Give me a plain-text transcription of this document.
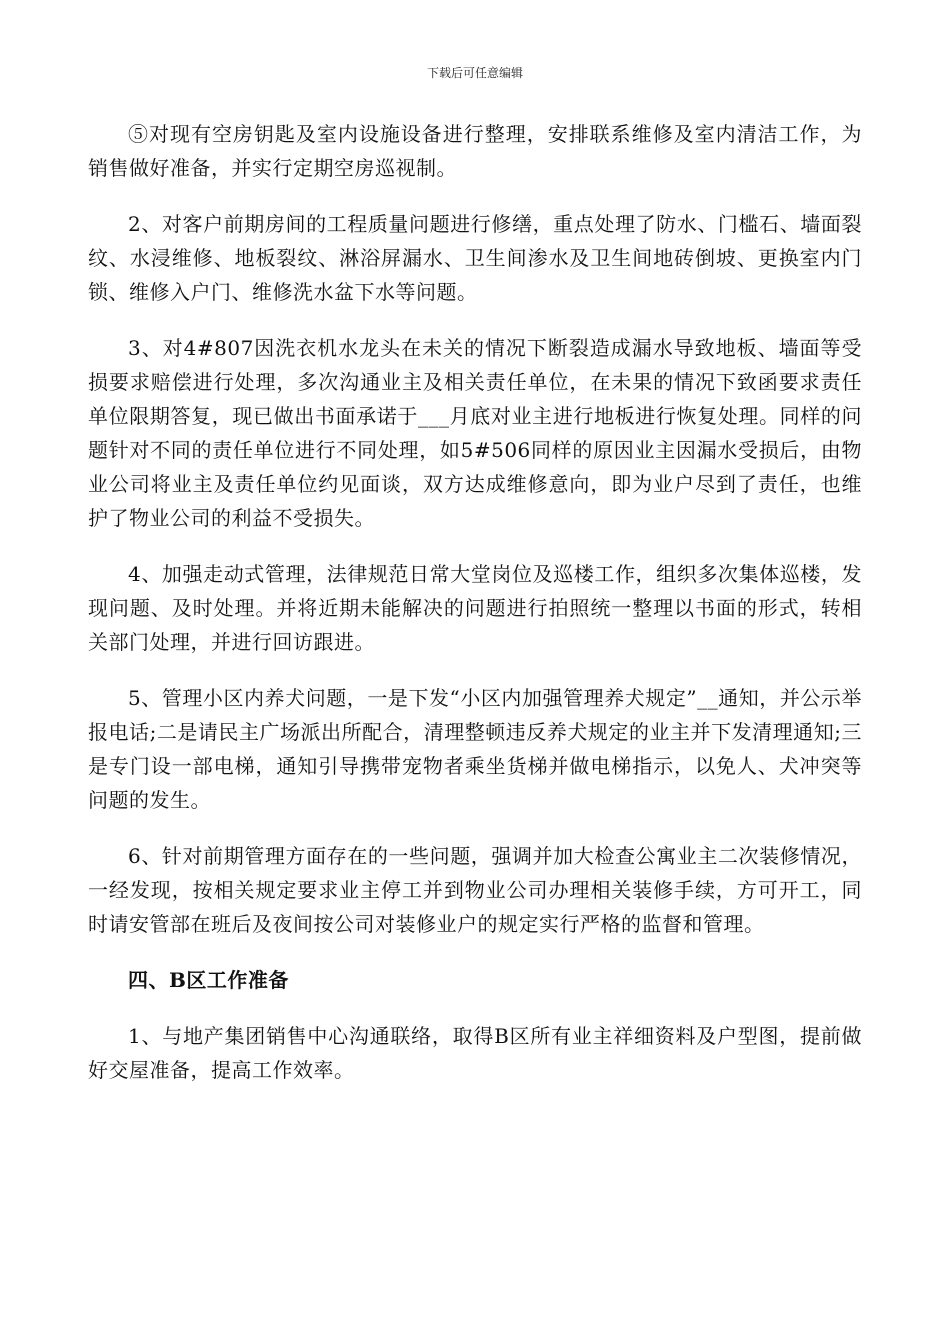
下载后可任意编辑

⑤对现有空房钥匙及室内设施设备进行整理，安排联系维修及室内清洁工作，为销售做好准备，并实行定期空房巡视制。

2、对客户前期房间的工程质量问题进行修缮，重点处理了防水、门槛石、墙面裂纹、水浸维修、地板裂纹、淋浴屏漏水、卫生间渗水及卫生间地砖倒坡、更换室内门锁、维修入户门、维修洗水盆下水等问题。

3、对4#807因洗衣机水龙头在未关的情况下断裂造成漏水导致地板、墙面等受损要求赔偿进行处理，多次沟通业主及相关责任单位，在未果的情况下致函要求责任单位限期答复，现已做出书面承诺于___月底对业主进行地板进行恢复处理。同样的问题针对不同的责任单位进行不同处理，如5#506同样的原因业主因漏水受损后，由物业公司将业主及责任单位约见面谈，双方达成维修意向，即为业户尽到了责任，也维护了物业公司的利益不受损失。

4、加强走动式管理，法律规范日常大堂岗位及巡楼工作，组织多次集体巡楼，发现问题、及时处理。并将近期未能解决的问题进行拍照统一整理以书面的形式，转相关部门处理，并进行回访跟进。

5、管理小区内养犬问题，一是下发“小区内加强管理养犬规定”__通知，并公示举报电话;二是请民主广场派出所配合，清理整顿违反养犬规定的业主并下发清理通知;三是专门设一部电梯，通知引导携带宠物者乘坐货梯并做电梯指示，以免人、犬冲突等问题的发生。

6、针对前期管理方面存在的一些问题，强调并加大检查公寓业主二次装修情况，一经发现，按相关规定要求业主停工并到物业公司办理相关装修手续，方可开工，同时请安管部在班后及夜间按公司对装修业户的规定实行严格的监督和管理。

四、B区工作准备

1、与地产集团销售中心沟通联络，取得B区所有业主祥细资料及户型图，提前做好交屋准备，提高工作效率。
